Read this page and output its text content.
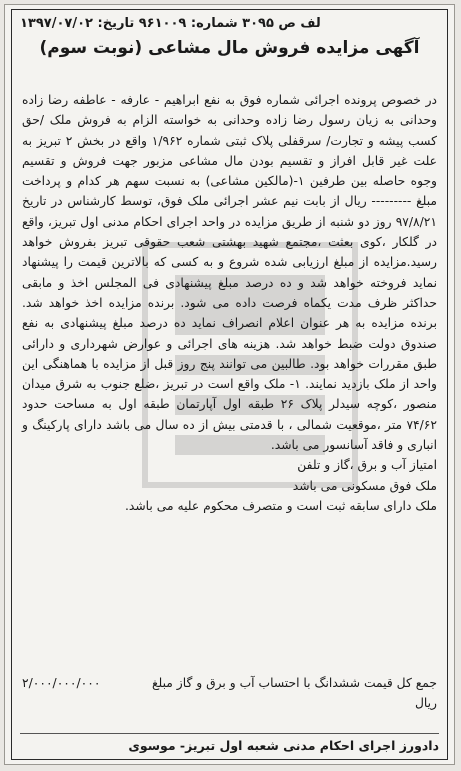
لف ص ۳۰۹۵ شماره: ۹۶۱۰۰۹ تاریخ: ۱۳۹۷/۰۷/۰۲
آگهی مزایده فروش مال مشاعی (نوبت سوم)

در خصوص پرونده اجرائی شماره فوق به نفع ابراهیم - عارفه - عاطفه رضا زاده وحدانی به زیان رسول رضا زاده وحدانی به خواسته الزام به فروش ملک /حق کسب پیشه و تجارت/ سرقفلی پلاک ثبتی شماره ۱/۹۶۲ واقع در بخش ۲ تبریز به علت غیر قابل افراز و تقسیم بودن مال مشاعی مزبور جهت فروش و تقسیم وجوه حاصله بین طرفین ۱-(مالکین مشاعی) به نسبت سهم هر کدام و پرداخت مبلغ --------- ریال از بابت نیم عشر اجرائی ملک فوق، توسط کارشناس در تاریخ ۹۷/۸/۲۱ روز دو شنبه از طریق مزایده در واحد اجرای احکام مدنی اول تبریز، واقع در گلکار ،کوی بعثت ،مجتمع شهید بهشتی شعب حقوقی تبریز بفروش خواهد رسید.مزایده از مبلغ ارزیابی شده شروع و به کسی که بالاترین قیمت را پیشنهاد نماید فروخته خواهد شد و ده درصد مبلغ پیشنهادی فی المجلس اخذ و مابقی حداکثر ظرف مدت یکماه فرصت داده می شود. برنده مزایده اخذ خواهد شد. برنده مزایده به هر عنوان اعلام انصراف نماید ده درصد مبلغ پیشنهادی به نفع صندوق دولت ضبط خواهد شد. هزینه های اجرائی و عوارض شهرداری و دارائی طبق مقررات خواهد بود. طالبین می توانند پنج روز قبل از مزایده با هماهنگی این واحد از ملک بازدید نمایند. ۱- ملک واقع است در تبریز ،ضلع جنوب به شرق میدان منصور ،کوچه سیدلر پلاک ۲۶ طبقه اول آپارتمان طبقه اول به مساحت حدود ۷۴/۶۲ متر ،موقعیت شمالی ، با قدمتی بیش از ده سال می باشد دارای پارکینگ و انباری و فاقد آسانسور می باشد.

امتیاز آب و برق ،گاز و تلفن

ملک فوق مسکونی می باشد

ملک دارای سابقه ثبت است و متصرف محکوم علیه می باشد.

جمع کل قیمت ششدانگ با احتساب آب و برق و گاز مبلغ
۲/۰۰۰/۰۰۰/۰۰۰
ریال
دادورز اجرای احکام مدنی شعبه اول تبریز- موسوی
